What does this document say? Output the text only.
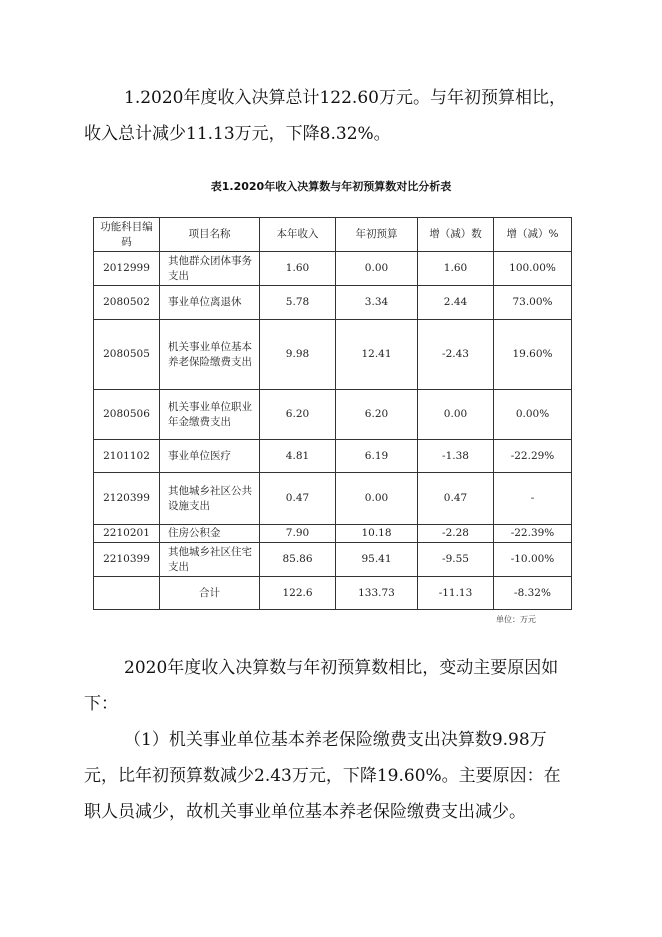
1.2020年度收入决算总计122.60万元。与年初预算相比，
收入总计减少11.13万元，下降8.32%。

表1.2020年收入决算数与年初预算数对比分析表
功能科目编码	项目名称	本年收入	年初预算	增（减）数	增（减）%
2012999	其他群众团体事务支出	1.60	0.00	1.60	100.00%
2080502	事业单位离退休	5.78	3.34	2.44	73.00%
2080505	机关事业单位基本养老保险缴费支出	9.98	12.41	-2.43	19.60%
2080506	机关事业单位职业年金缴费支出	6.20	6.20	0.00	0.00%
2101102	事业单位医疗	4.81	6.19	-1.38	-22.29%
2120399	其他城乡社区公共设施支出	0.47	0.00	0.47	-
2210201	住房公积金	7.90	10.18	-2.28	-22.39%
2210399	其他城乡社区住宅支出	85.86	95.41	-9.55	-10.00%
	合计	122.6	133.73	-11.13	-8.32%
单位：万元

2020年度收入决算数与年初预算数相比，变动主要原因如
下：

（1）机关事业单位基本养老保险缴费支出决算数9.98万
元，比年初预算数减少2.43万元，下降19.60%。主要原因：在
职人员减少，故机关事业单位基本养老保险缴费支出减少。
